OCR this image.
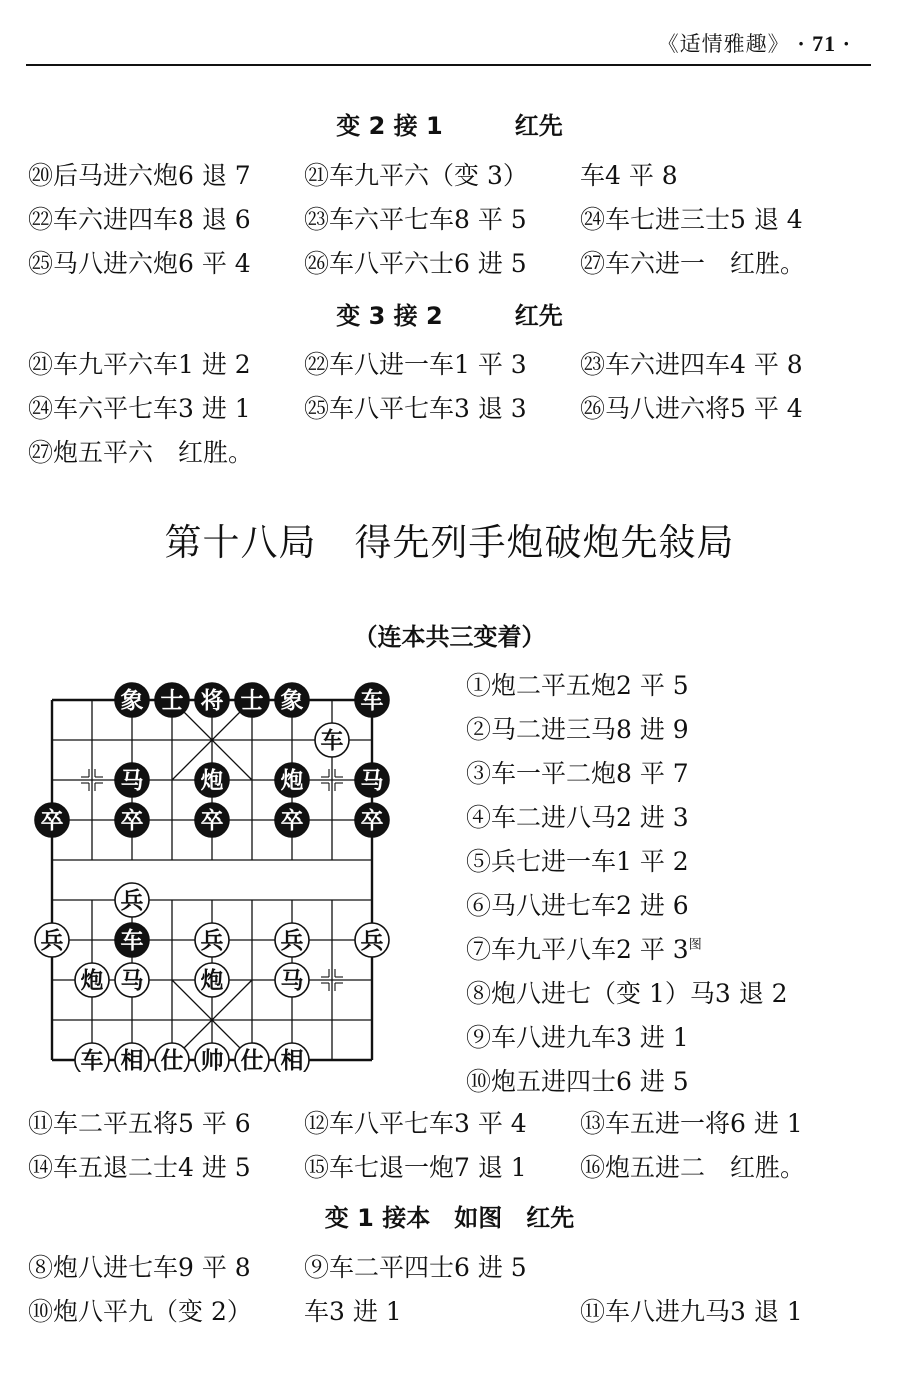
《适情雅趣》 · 71 ·
变 2 接 1　　　红先
⑳后马进六炮6 退 7 ㉑车九平六（变 3） 车4 平 8
㉒车六进四车8 退 6 ㉓车六平七车8 平 5 ㉔车七进三士5 退 4
㉕马八进六炮6 平 4 ㉖车八平六士6 进 5 ㉗车六进一　红胜。
变 3 接 2　　　红先
㉑车九平六车1 进 2 ㉒车八进一车1 平 3 ㉓车六进四车4 平 8
㉔车六平七车3 进 1 ㉕车八平七车3 退 3 ㉖马八进六将5 平 4
㉗炮五平六　红胜。
第十八局　得先列手炮破炮先敍局
（连本共三变着）
象 士 将 士 象 车
马 炮 炮 马
卒 卒 卒 卒 卒
车
车
兵
兵	兵 兵 兵
炮 马 炮 马
车 相 仕 帅 仕 相
①炮二平五炮2 平 5
②马二进三马8 进 9
③车一平二炮8 平 7
④车二进八马2 进 3
⑤兵七进一车1 平 2
⑥马八进七车2 进 6
⑦车九平八车2 平 $3^图$
⑧炮八进七（变 1）马3 退 2
⑨车八进九车3 进 1
⑩炮五进四士6 进 5
⑪车二平五将5 平 6 ⑫车八平七车3 平 4 ⑬车五进一将6 进 1
⑭车五退二士4 进 5 ⑮车七退一炮7 退 1 ⑯炮五进二　红胜。
变 1 接本　如图　红先
⑧炮八进七车9 平 8 ⑨车二平四士6 进 5
⑩炮八平九（变 2） 车3 进 1	⑪车八进九马3 退 1
